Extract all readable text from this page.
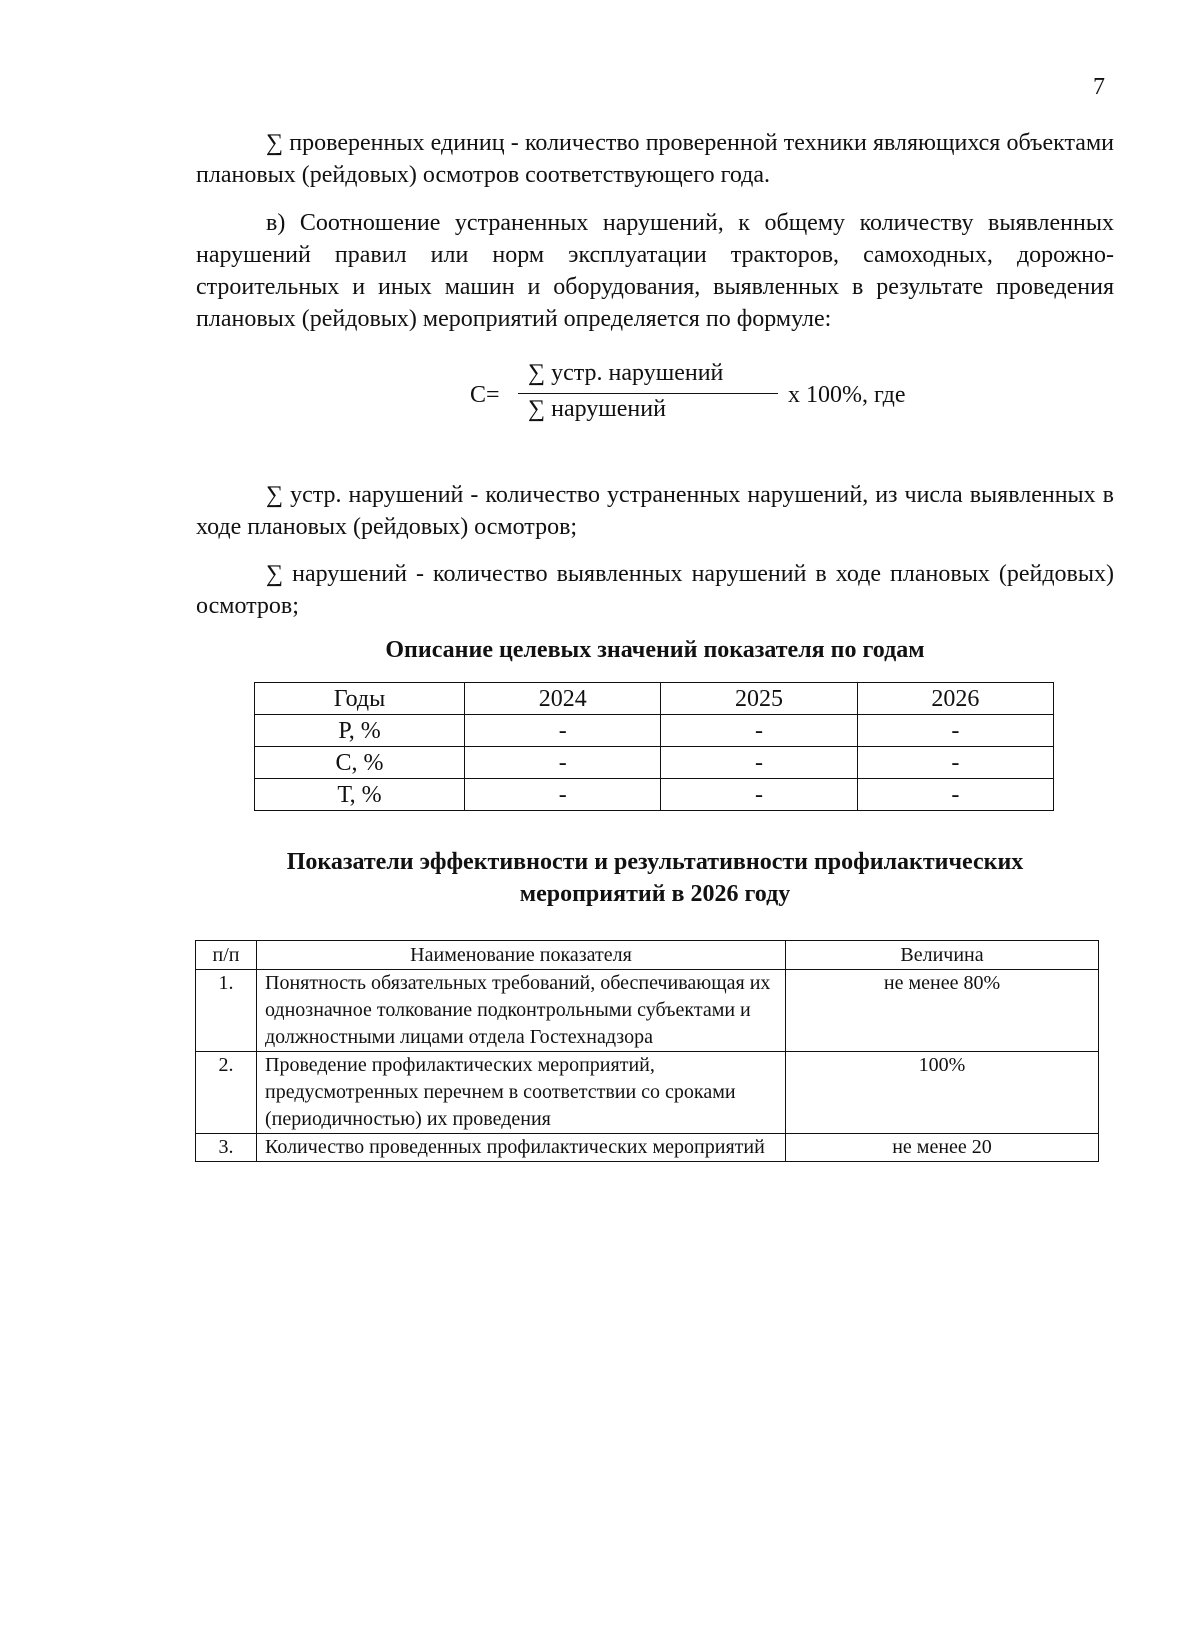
7
∑ проверенных единиц - количество проверенной техники являющихся объектами плановых (рейдовых) осмотров соответствующего года.
в) Соотношение устраненных нарушений, к общему количеству выявленных нарушений правил или норм эксплуатации тракторов, самоходных, дорожно-строительных и иных машин и оборудования, выявленных в результате проведения плановых (рейдовых) мероприятий определяется по формуле:
С=
∑ устр. нарушений
∑ нарушений
х 100%, где
∑ устр. нарушений - количество устраненных нарушений, из числа выявленных в ходе плановых (рейдовых) осмотров;
∑ нарушений - количество выявленных нарушений в ходе плановых (рейдовых) осмотров;
Описание целевых значений показателя по годам
Годы	2024	2025	2026
Р, %	-	-	-
С, %	-	-	-
Т, %	-	-	-
Показатели эффективности и результативности профилактических
мероприятий в 2026 году
п/п	Наименование показателя	Величина
1.	Понятность обязательных требований, обеспечивающая их однозначное толкование подконтрольными субъектами и должностными лицами отдела Гостехнадзора	не менее 80%
2.	Проведение профилактических мероприятий, предусмотренных перечнем в соответствии со сроками (периодичностью) их проведения	100%
3.	Количество проведенных профилактических мероприятий	не менее 20
